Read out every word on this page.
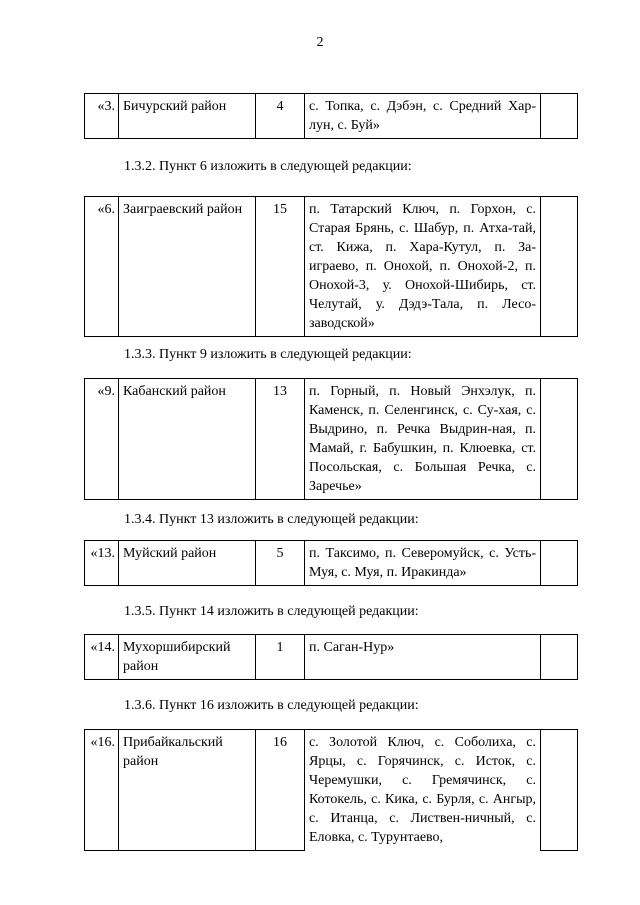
2
«3.	Бичурский район	4	с. Топка, с. Дэбэн, с. Средний Хар-лун, с. Буй»	
1.3.2. Пункт 6 изложить в следующей редакции:
«6.	Заиграевский район	15	п. Татарский Ключ, п. Горхон, с. Старая Брянь, с. Шабур, п. Атха-тай, ст. Кижа, п. Хара-Кутул, п. За-играево, п. Онохой, п. Онохой-2, п. Онохой-3, у. Онохой-Шибирь, ст. Челутай, у. Дэдэ-Тала, п. Лесо-заводской»	
1.3.3. Пункт 9 изложить в следующей редакции:
«9.	Кабанский район	13	п. Горный, п. Новый Энхэлук, п. Каменск, п. Селенгинск, с. Су-хая, с. Выдрино, п. Речка Выдрин-ная, п. Мамай, г. Бабушкин, п. Клюевка, ст. Посольская, с. Большая Речка, с. Заречье»	
1.3.4. Пункт 13 изложить в следующей редакции:
«13.	Муйский район	5	п. Таксимо, п. Северомуйск, с. Усть-Муя, с. Муя, п. Иракинда»	
1.3.5. Пункт 14 изложить в следующей редакции:
«14.	Мухоршибирский район	1	п. Саган-Нур»	
1.3.6. Пункт 16 изложить в следующей редакции:
«16.	Прибайкальский район	16	с. Золотой Ключ, с. Соболиха, с. Ярцы, с. Горячинск, с. Исток, с. Черемушки, с. Гремячинск, с. Котокель, с. Кика, с. Бурля, с. Ангыр, с. Итанца, с. Листвен-ничный, с. Еловка, с. Турунтаево,	
